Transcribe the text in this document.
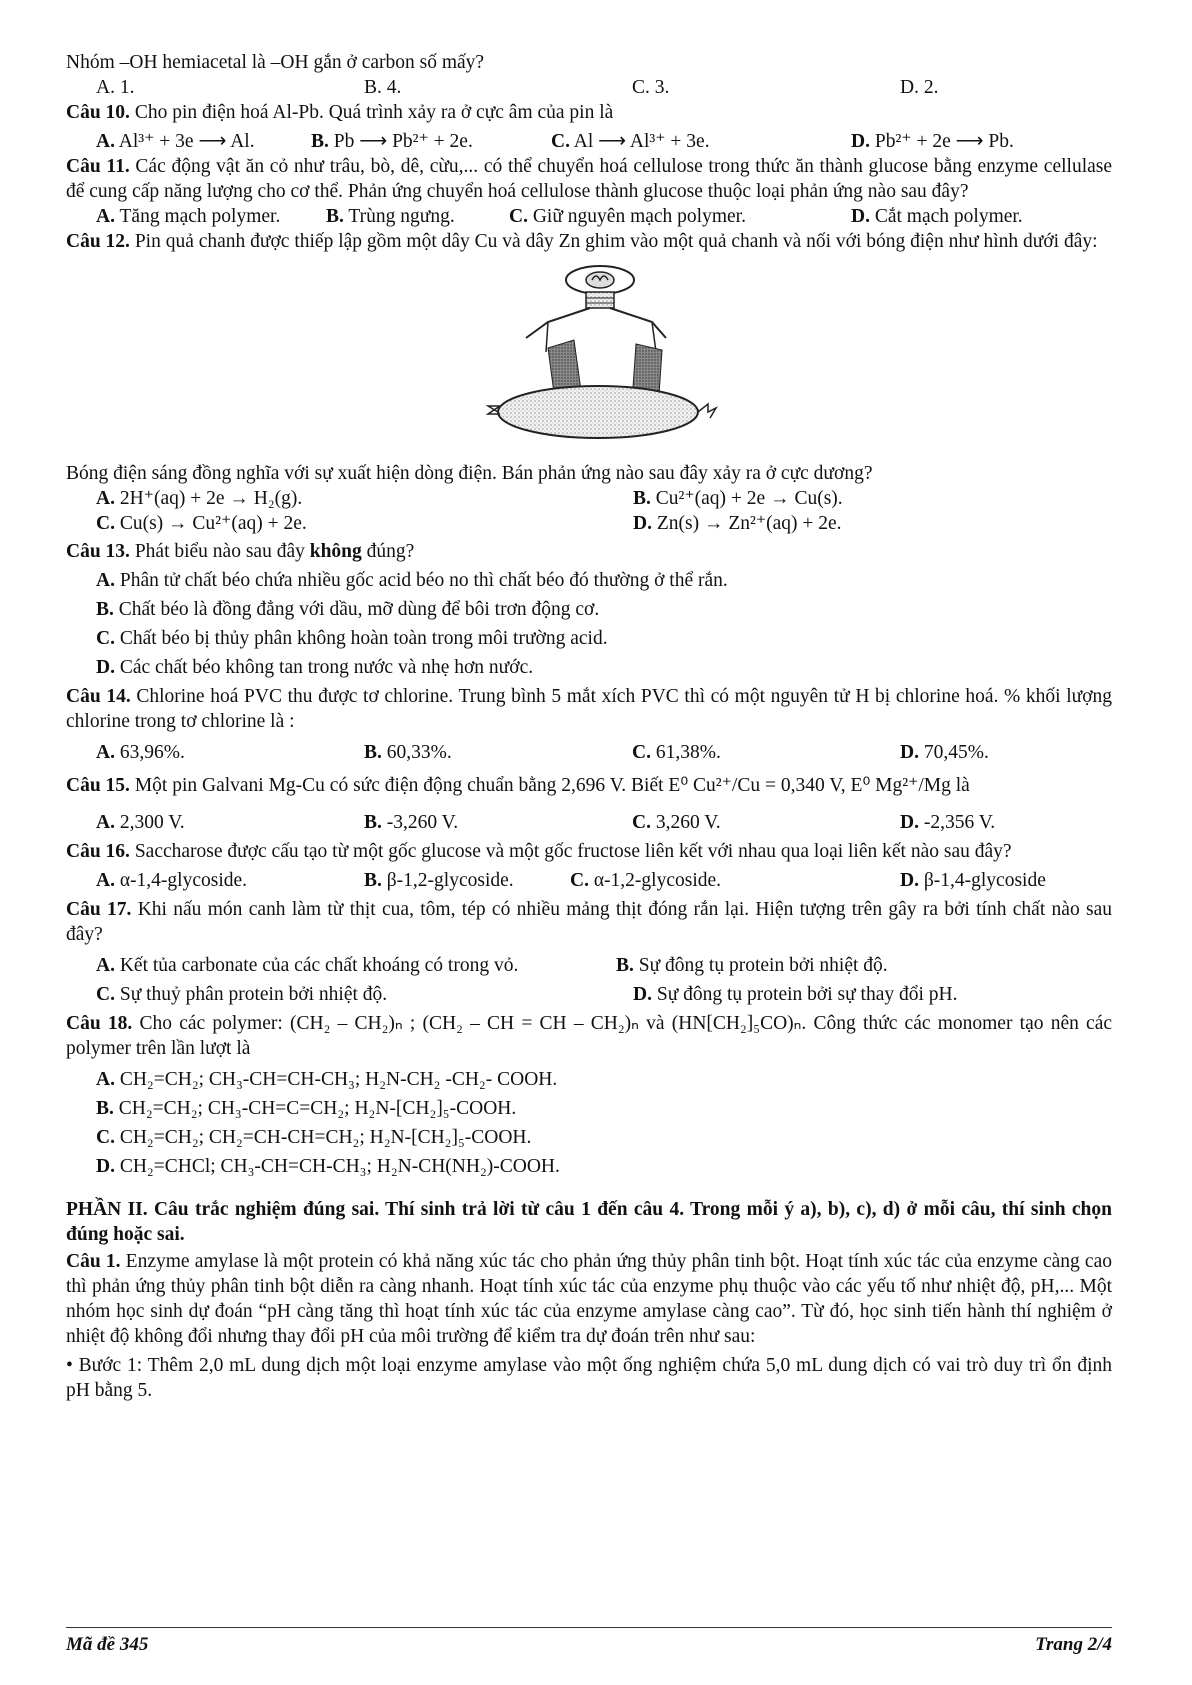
Nhóm –OH hemiacetal là –OH gắn ở carbon số mấy?
A. 1.	B. 4.	C. 3.	D. 2.
Câu 10. Cho pin điện hoá Al-Pb. Quá trình xảy ra ở cực âm của pin là
A. Al³⁺ + 3e ⟶ Al.	B. Pb ⟶ Pb²⁺ + 2e.	C. Al ⟶ Al³⁺ + 3e.	D. Pb²⁺ + 2e ⟶ Pb.
Câu 11. Các động vật ăn cỏ như trâu, bò, dê, cừu,... có thể chuyển hoá cellulose trong thức ăn thành glucose bằng enzyme cellulase để cung cấp năng lượng cho cơ thể. Phản ứng chuyển hoá cellulose thành glucose thuộc loại phản ứng nào sau đây?
A. Tăng mạch polymer.	B. Trùng ngưng.	C. Giữ nguyên mạch polymer.	D. Cắt mạch polymer.
Câu 12. Pin quả chanh được thiếp lập gồm một dây Cu và dây Zn ghim vào một quả chanh và nối với bóng điện như hình dưới đây:
Bóng điện sáng đồng nghĩa với sự xuất hiện dòng điện. Bán phản ứng nào sau đây xảy ra ở cực dương?
A. 2H⁺(aq) + 2e → H₂(g).	B. Cu²⁺(aq) + 2e → Cu(s).
C. Cu(s) → Cu²⁺(aq) + 2e.	D. Zn(s) → Zn²⁺(aq) + 2e.
Câu 13. Phát biểu nào sau đây không đúng?
A. Phân tử chất béo chứa nhiều gốc acid béo no thì chất béo đó thường ở thể rắn.
B. Chất béo là đồng đẳng với dầu, mỡ dùng để bôi trơn động cơ.
C. Chất béo bị thủy phân không hoàn toàn trong môi trường acid.
D. Các chất béo không tan trong nước và nhẹ hơn nước.
Câu 14. Chlorine hoá PVC thu được tơ chlorine. Trung bình 5 mắt xích PVC thì có một nguyên tử H bị chlorine hoá. % khối lượng chlorine trong tơ chlorine là :
A. 63,96%.	B. 60,33%.	C. 61,38%.	D. 70,45%.
Câu 15. Một pin Galvani Mg-Cu có sức điện động chuẩn bằng 2,696 V. Biết E⁰ Cu²⁺/Cu = 0,340 V, E⁰ Mg²⁺/Mg là
A. 2,300 V.	B. -3,260 V.	C. 3,260 V.	D. -2,356 V.
Câu 16. Saccharose được cấu tạo từ một gốc glucose và một gốc fructose liên kết với nhau qua loại liên kết nào sau đây?
A. α-1,4-glycoside.	B. β-1,2-glycoside.	C. α-1,2-glycoside.	D. β-1,4-glycoside
Câu 17. Khi nấu món canh làm từ thịt cua, tôm, tép có nhiều mảng thịt đóng rắn lại. Hiện tượng trên gây ra bởi tính chất nào sau đây?
A. Kết tủa carbonate của các chất khoáng có trong vỏ.	B. Sự đông tụ protein bởi nhiệt độ.
C. Sự thuỷ phân protein bởi nhiệt độ.	D. Sự đông tụ protein bởi sự thay đổi pH.
Câu 18. Cho các polymer: (CH₂ – CH₂)ₙ ; (CH₂ – CH = CH – CH₂)ₙ và (HN[CH₂]₅CO)ₙ. Công thức các monomer tạo nên các polymer trên lần lượt là
A. CH₂=CH₂; CH₃-CH=CH-CH₃; H₂N-CH₂ -CH₂- COOH.
B. CH₂=CH₂; CH₃-CH=C=CH₂; H₂N-[CH₂]₅-COOH.
C. CH₂=CH₂; CH₂=CH-CH=CH₂; H₂N-[CH₂]₅-COOH.
D. CH₂=CHCl; CH₃-CH=CH-CH₃; H₂N-CH(NH₂)-COOH.
PHẦN II. Câu trắc nghiệm đúng sai. Thí sinh trả lời từ câu 1 đến câu 4. Trong mỗi ý a), b), c), d) ở mỗi câu, thí sinh chọn đúng hoặc sai.
Câu 1. Enzyme amylase là một protein có khả năng xúc tác cho phản ứng thủy phân tinh bột. Hoạt tính xúc tác của enzyme càng cao thì phản ứng thủy phân tinh bột diễn ra càng nhanh. Hoạt tính xúc tác của enzyme phụ thuộc vào các yếu tố như nhiệt độ, pH,... Một nhóm học sinh dự đoán “pH càng tăng thì hoạt tính xúc tác của enzyme amylase càng cao”. Từ đó, học sinh tiến hành thí nghiệm ở nhiệt độ không đổi nhưng thay đổi pH của môi trường để kiểm tra dự đoán trên như sau:
• Bước 1: Thêm 2,0 mL dung dịch một loại enzyme amylase vào một ống nghiệm chứa 5,0 mL dung dịch có vai trò duy trì ổn định pH bằng 5.
Mã đề 345	Trang 2/4
